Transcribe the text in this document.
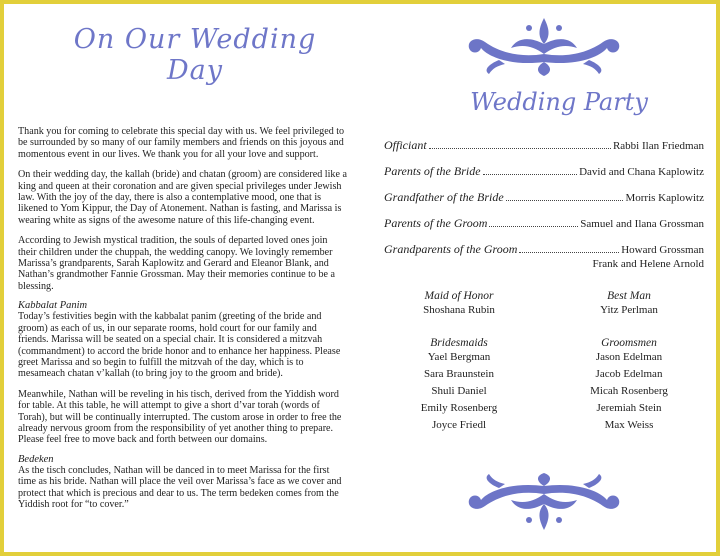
On Our Wedding Day

Thank you for coming to celebrate this special day with us. We feel privileged to be surrounded by so many of our family members and friends on this joyous and momentous event in our lives. We thank you for all your love and support.

On their wedding day, the kallah (bride) and chatan (groom) are considered like a king and queen at their coronation and are given special privileges under Jewish law. With the joy of the day, there is also a contemplative mood, one that is likened to Yom Kippur, the Day of Atonement. Nathan is fasting, and Marissa is wearing white as signs of the awesome nature of this life-changing event.

According to Jewish mystical tradition, the souls of departed loved ones join their children under the chuppah, the wedding canopy. We lovingly remember Marissa’s grandparents, Sarah Kaplowitz and Gerard and Eleanor Blank, and Nathan’s grandmother Fannie Grossman. May their memories continue to be a blessing.

Kabbalat Panim

Today’s festivities begin with the kabbalat panim (greeting of the bride and groom) as each of us, in our separate rooms, hold court for our family and friends. Marissa will be seated on a special chair. It is considered a mitzvah (commandment) to accord the bride honor and to enhance her happiness. Please greet Marissa and so begin to fulfill the mitzvah of the day, which is to mesameach chatan v’kallah (to bring joy to the groom and bride).

Meanwhile, Nathan will be reveling in his tisch, derived from the Yiddish word for table. At this table, he will attempt to give a short d’var torah (words of Torah), but will be continually interrupted. The custom arose in order to free the already nervous groom from the responsibility of yet another thing to prepare. Please feel free to move back and forth between our domains.

Bedeken

As the tisch concludes, Nathan will be danced in to meet Marissa for the first time as his bride. Nathan will place the veil over Marissa’s face as we cover and protect that which is precious and dear to us. The term bedeken comes from the Yiddish root for “to cover.”

Wedding Party
Officiant	Rabbi Ilan Friedman
Parents of the Bride	David and Chana Kaplowitz
Grandfather of the Bride	Morris Kaplowitz
Parents of the Groom	Samuel and Ilana Grossman
Grandparents of the Groom	Howard Grossman
Frank and Helene Arnold
Maid of Honor
Shoshana Rubin
Bridesmaids
Yael Bergman
Sara Braunstein
Shuli Daniel
Emily Rosenberg
Joyce Friedl
Best Man
Yitz Perlman
Groomsmen
Jason Edelman
Jacob Edelman
Micah Rosenberg
Jeremiah Stein
Max Weiss
